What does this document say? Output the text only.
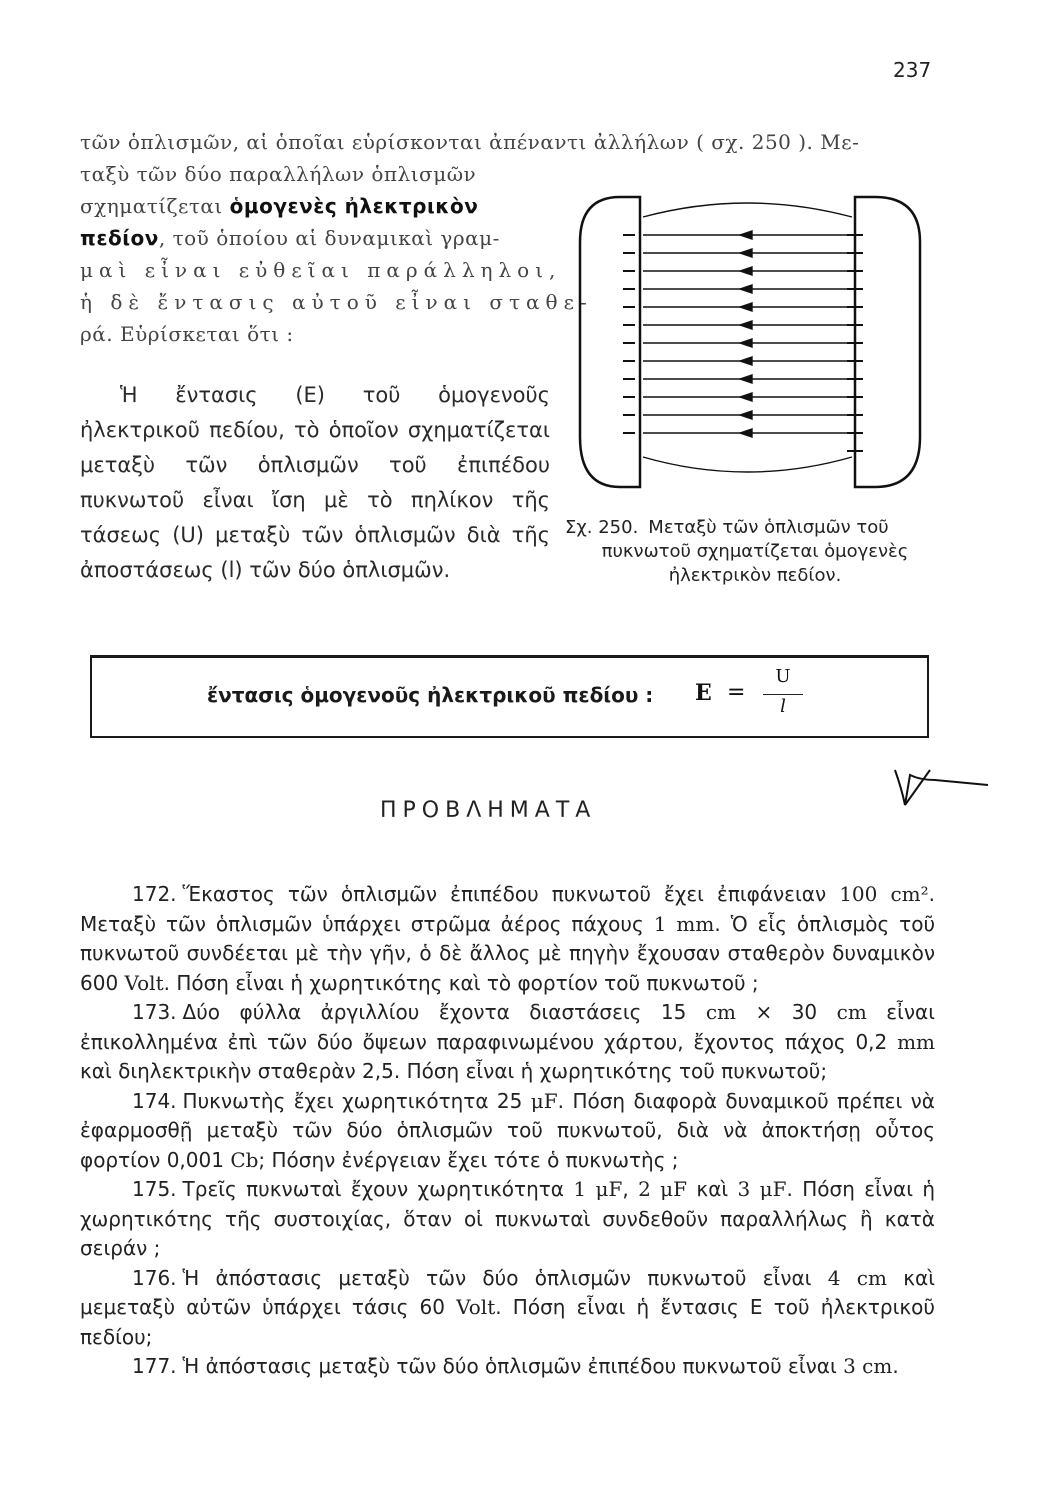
237
τῶν ὁπλισμῶν, αἱ ὁποῖαι εὑρίσκονται ἀπέναντι ἀλλήλων ( σχ. 250 ). Με-
ταξὺ τῶν δύο παραλλήλων ὁπλισμῶν
σχηματίζεται ὁμογενὲς ἠλεκτρικὸν
πεδίον, τοῦ ὁποίου αἱ δυναμικαὶ γραμ-
μαὶ εἶναι εὐθεῖαι παράλληλοι,
ἡ δὲ ἔντασις αὐτοῦ εἶναι σταθε-
ρά. Εὑρίσκεται ὅτι :

Ἡ ἔντασις (E) τοῦ ὁμογενοῦς ἠλεκτρικοῦ πεδίου, τὸ ὁποῖον σχηματίζεται μεταξὺ τῶν ὁπλισμῶν τοῦ ἐπιπέδου πυκνωτοῦ εἶναι ἴση μὲ τὸ πηλίκον τῆς τάσεως (U) μεταξὺ τῶν ὁπλισμῶν διὰ τῆς ἀποστάσεως (l) τῶν δύο ὁπλισμῶν.

Σχ. 250. Μεταξὺ τῶν ὁπλισμῶν τοῦ
πυκνωτοῦ σχηματίζεται ὁμογενὲς
ἠλεκτρικὸν πεδίον.
ἔντασις ὁμογενοῦς ἠλεκτρικοῦ πεδίου : E =
U
l
ΠΡΟΒΛΗΜΑΤΑ

172. Ἕκαστος τῶν ὁπλισμῶν ἐπιπέδου πυκνωτοῦ ἔχει ἐπιφάνειαν 100 cm². Μεταξὺ τῶν ὁπλισμῶν ὑπάρχει στρῶμα ἀέρος πάχους 1 mm. Ὁ εἷς ὁπλισμὸς τοῦ πυκνωτοῦ συνδέεται μὲ τὴν γῆν, ὁ δὲ ἄλλος μὲ πηγὴν ἔχουσαν σταθερὸν δυναμικὸν 600 Volt. Πόση εἶναι ἡ χωρητικότης καὶ τὸ φορτίον τοῦ πυκνωτοῦ ;

173. Δύο φύλλα ἀργιλλίου ἔχοντα διαστάσεις 15 cm × 30 cm εἶναι ἐπικολλημένα ἐπὶ τῶν δύο ὄψεων παραφινωμένου χάρτου, ἔχοντος πάχος 0,2 mm καὶ διηλεκτρικὴν σταθερὰν 2,5. Πόση εἶναι ἡ χωρητικότης τοῦ πυκνωτοῦ;

174. Πυκνωτὴς ἔχει χωρητικότητα 25 μF. Πόση διαφορὰ δυναμικοῦ πρέπει νὰ ἐφαρμοσθῇ μεταξὺ τῶν δύο ὁπλισμῶν τοῦ πυκνωτοῦ, διὰ νὰ ἀποκτήσῃ οὗτος φορτίον 0,001 Cb; Πόσην ἐνέργειαν ἔχει τότε ὁ πυκνωτὴς ;

175. Τρεῖς πυκνωταὶ ἔχουν χωρητικότητα 1 μF, 2 μF καὶ 3 μF. Πόση εἶναι ἡ χωρητικότης τῆς συστοιχίας, ὅταν οἱ πυκνωταὶ συνδεθοῦν παραλλήλως ἢ κατὰ σειράν ;

176. Ἡ ἀπόστασις μεταξὺ τῶν δύο ὁπλισμῶν πυκνωτοῦ εἶναι 4 cm καὶ μεμεταξὺ αὐτῶν ὑπάρχει τάσις 60 Volt. Πόση εἶναι ἡ ἔντασις E τοῦ ἠλεκτρικοῦ πεδίου;

177. Ἡ ἀπόστασις μεταξὺ τῶν δύο ὁπλισμῶν ἐπιπέδου πυκνωτοῦ εἶναι 3 cm.
